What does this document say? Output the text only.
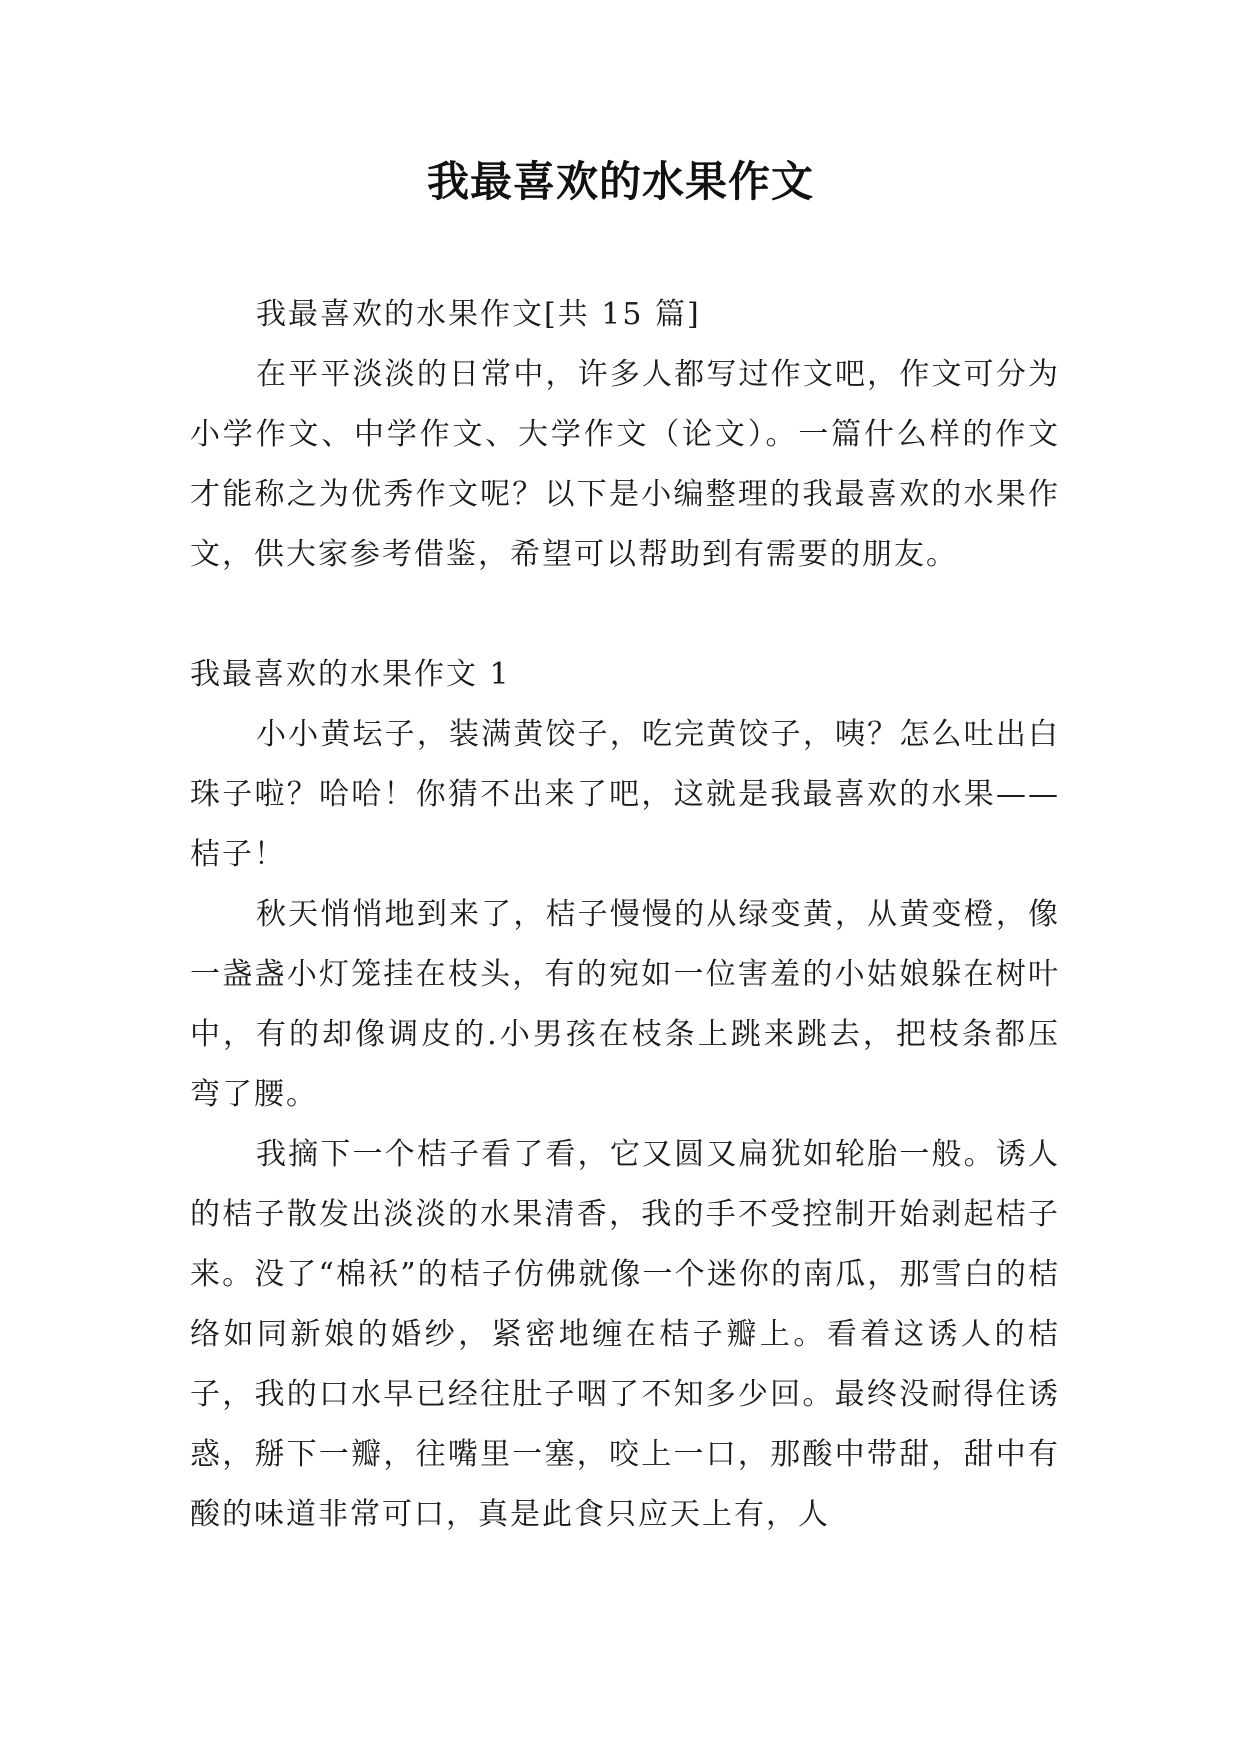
我最喜欢的水果作文

我最喜欢的水果作文[共 15 篇]

在平平淡淡的日常中，许多人都写过作文吧，作文可分为小学作文、中学作文、大学作文（论文）。一篇什么样的作文才能称之为优秀作文呢？以下是小编整理的我最喜欢的水果作文，供大家参考借鉴，希望可以帮助到有需要的朋友。

我最喜欢的水果作文 1

小小黄坛子，装满黄饺子，吃完黄饺子，咦？怎么吐出白珠子啦？哈哈！你猜不出来了吧，这就是我最喜欢的水果——桔子！

秋天悄悄地到来了，桔子慢慢的从绿变黄，从黄变橙，像一盏盏小灯笼挂在枝头，有的宛如一位害羞的小姑娘躲在树叶中，有的却像调皮的.小男孩在枝条上跳来跳去，把枝条都压弯了腰。

我摘下一个桔子看了看，它又圆又扁犹如轮胎一般。诱人的桔子散发出淡淡的水果清香，我的手不受控制开始剥起桔子来。没了“棉袄”的桔子仿佛就像一个迷你的南瓜，那雪白的桔络如同新娘的婚纱，紧密地缠在桔子瓣上。看着这诱人的桔子，我的口水早已经往肚子咽了不知多少回。最终没耐得住诱惑，掰下一瓣，往嘴里一塞，咬上一口，那酸中带甜，甜中有酸的味道非常可口，真是此食只应天上有，人
